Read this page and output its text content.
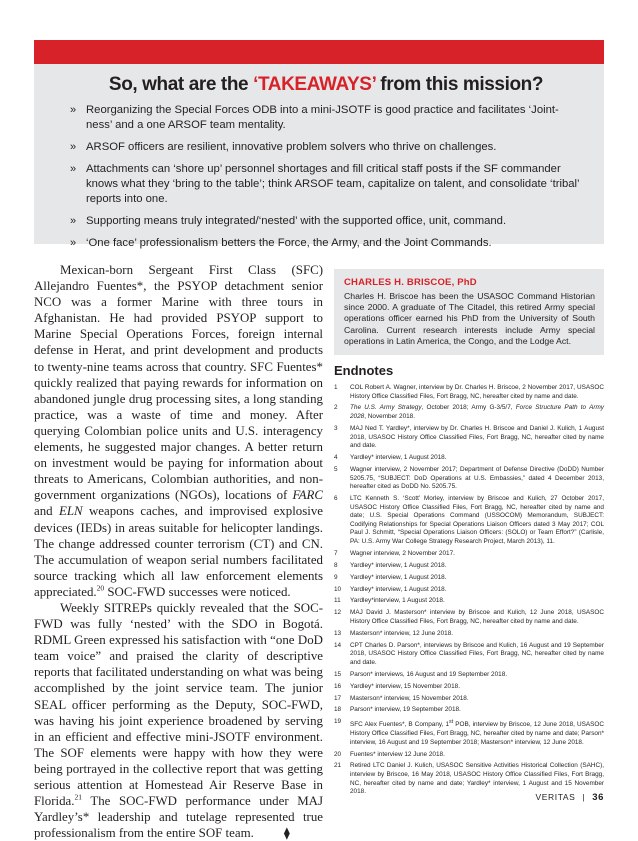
So, what are the ‘TAKEAWAYS’ from this mission?
» Reorganizing the Special Forces ODB into a mini-JSOTF is good practice and facilitates ‘Joint-ness’ and a one ARSOF team mentality.
» ARSOF officers are resilient, innovative problem solvers who thrive on challenges.
» Attachments can ‘shore up’ personnel shortages and fill critical staff posts if the SF commander knows what they ‘bring to the table’; think ARSOF team, capitalize on talent, and consolidate ‘tribal’ reports into one.
» Supporting means truly integrated/‘nested’ with the supported office, unit, command.
» ‘One face’ professionalism betters the Force, the Army, and the Joint Commands.

Mexican-born Sergeant First Class (SFC) Allejandro Fuentes*, the PSYOP detachment senior NCO was a former Marine with three tours in Afghanistan. He had provided PSYOP support to Marine Special Operations Forces, foreign internal defense in Herat, and print development and products to twenty-nine teams across that country. SFC Fuentes* quickly realized that paying rewards for information on abandoned jungle drug processing sites, a long standing practice, was a waste of time and money. After querying Colombian police units and U.S. interagency elements, he suggested major changes. A better return on investment would be paying for information about threats to Americans, Colombian authorities, and non-government organizations (NGOs), locations of FARC and ELN weapons caches, and improvised explosive devices (IEDs) in areas suitable for helicopter landings. The change addressed counter terrorism (CT) and CN. The accumulation of weapon serial numbers facilitated source tracking which all law enforcement elements appreciated.$^{20}$ SOC-FWD successes were noticed.

Weekly SITREPs quickly revealed that the SOC-FWD was fully ‘nested’ with the SDO in Bogotá. RDML Green expressed his satisfaction with “one DoD team voice” and praised the clarity of descriptive reports that facilitated understanding on what was being accomplished by the joint service team. The junior SEAL officer performing as the Deputy, SOC-FWD, was having his joint experience broadened by serving in an efficient and effective mini-JSOTF environment. The SOF elements were happy with how they were being portrayed in the collective report that was getting serious attention at Homestead Air Reserve Base in Florida.$^{21}$ The SOC-FWD performance under MAJ Yardley’s* leadership and tutelage represented true professionalism from the entire SOF team.	⧫

CHARLES H. BRISCOE, PhD
Charles H. Briscoe has been the USASOC Command Historian since 2000. A graduate of The Citadel, this retired Army special operations officer earned his PhD from the University of South Carolina. Current research interests include Army special operations in Latin America, the Congo, and the Lodge Act.
Endnotes
1 COL Robert A. Wagner, interview by Dr. Charles H. Briscoe, 2 November 2017, USASOC History Office Classified Files, Fort Bragg, NC, hereafter cited by name and date.
2 The U.S. Army Strategy, October 2018; Army G-3/5/7, Force Structure Path to Army 2028, November 2018.
3 MAJ Ned T. Yardley*, interview by Dr. Charles H. Briscoe and Daniel J. Kulich, 1 August 2018, USASOC History Office Classified Files, Fort Bragg, NC, hereafter cited by name and date.
4 Yardley* interview, 1 August 2018.
5 Wagner interview, 2 November 2017; Department of Defense Directive (DoDD) Number 5205.75, “SUBJECT: DoD Operations at U.S. Embassies,” dated 4 December 2013, hereafter cited as DoDD No. 5205.75.
6 LTC Kenneth S. ‘Scott’ Morley, interview by Briscoe and Kulich, 27 October 2017, USASOC History Office Classified Files, Fort Bragg, NC, hereafter cited by name and date; U.S. Special Operations Command (USSOCOM) Memorandum, SUBJECT: Codifying Relationships for Special Operations Liaison Officers dated 3 May 2017; COL Paul J. Schmitt, “Special Operations Liaison Officers: (SOLO) or Team Effort?” (Carlisle, PA: U.S. Army War College Strategy Research Project, March 2013), 11.
7 Wagner interview, 2 November 2017.
8 Yardley* interview, 1 August 2018.
9 Yardley* interview, 1 August 2018.
10 Yardley* interview, 1 August 2018.
11 Yardley*interview, 1 August 2018.
12 MAJ David J. Masterson* interview by Briscoe and Kulich, 12 June 2018, USASOC History Office Classified Files, Fort Bragg, NC, hereafter cited by name and date.
13 Masterson* interview, 12 June 2018.
14 CPT Charles D. Parson*, interviews by Briscoe and Kulich, 16 August and 19 September 2018, USASOC History Office Classified Files, Fort Bragg, NC, hereafter cited by name and date.
15 Parson* interviews, 16 August and 19 September 2018.
16 Yardley* interview, 15 November 2018.
17 Masterson* interview, 15 November 2018.
18 Parson* interview, 19 September 2018.
19 SFC Alex Fuentes*, B Company, 1st POB, interview by Briscoe, 12 June 2018, USASOC History Office Classified Files, Fort Bragg, NC, hereafter cited by name and date; Parson* interview, 16 August and 19 September 2018; Masterson* interview, 12 June 2018.
20 Fuentes* interview 12 June 2018.
21 Retired LTC Daniel J. Kulich, USASOC Sensitive Activities Historical Collection (SAHC), interview by Briscoe, 16 May 2018, USASOC History Office Classified Files, Fort Bragg, NC, hereafter cited by name and date; Yardley* interview, 1 August and 15 November 2018.
VERITAS | 36
